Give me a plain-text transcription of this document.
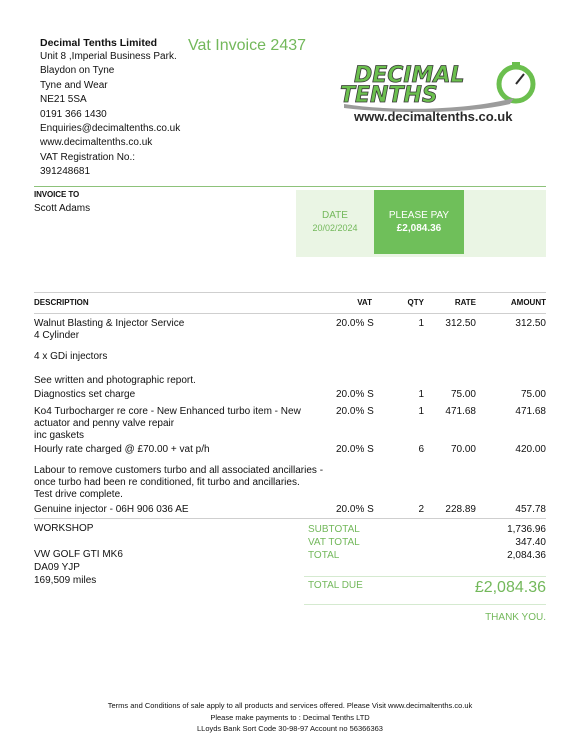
Decimal Tenths Limited
Unit 8 ,Imperial Business Park.
Blaydon on Tyne
Tyne and Wear
NE21 5SA
0191 366 1430
Enquiries@decimaltenths.co.uk
www.decimaltenths.co.uk
VAT Registration No.:
391248681
Vat Invoice 2437
DECIMAL
TENTHS
www.decimaltenths.co.uk
INVOICE TO
Scott Adams
DATE
20/02/2024
PLEASE PAY
£2,084.36
DESCRIPTION	VAT	QTY	RATE	AMOUNT
Walnut Blasting & Injector Service
4 Cylinder
20.0% S	1	312.50	312.50
4 x GDi injectors
See written and photographic report.
Diagnostics set charge	20.0% S	1	75.00	75.00
Ko4 Turbocharger re core - New Enhanced turbo item - New
actuator and penny valve repair
inc gaskets
20.0% S	1	471.68	471.68
Hourly rate charged @ £70.00 + vat p/h	20.0% S	6	70.00	420.00
Labour to remove customers turbo and all associated ancillaries -
once turbo had been re conditioned, fit turbo and ancillaries.
Test drive complete.
Genuine injector - 06H 906 036 AE	20.0% S	2	228.89	457.78
WORKSHOP
VW GOLF GTI MK6
DA09 YJP
169,509 miles
SUBTOTAL	1,736.96
VAT TOTAL	347.40
TOTAL	2,084.36
TOTAL DUE	£2,084.36
THANK YOU.
Terms and Conditions of sale apply to all products and services offered. Please Visit www.decimaltenths.co.uk
Please make payments to : Decimal Tenths LTD
LLoyds Bank Sort Code 30-98-97 Account no 56366363
